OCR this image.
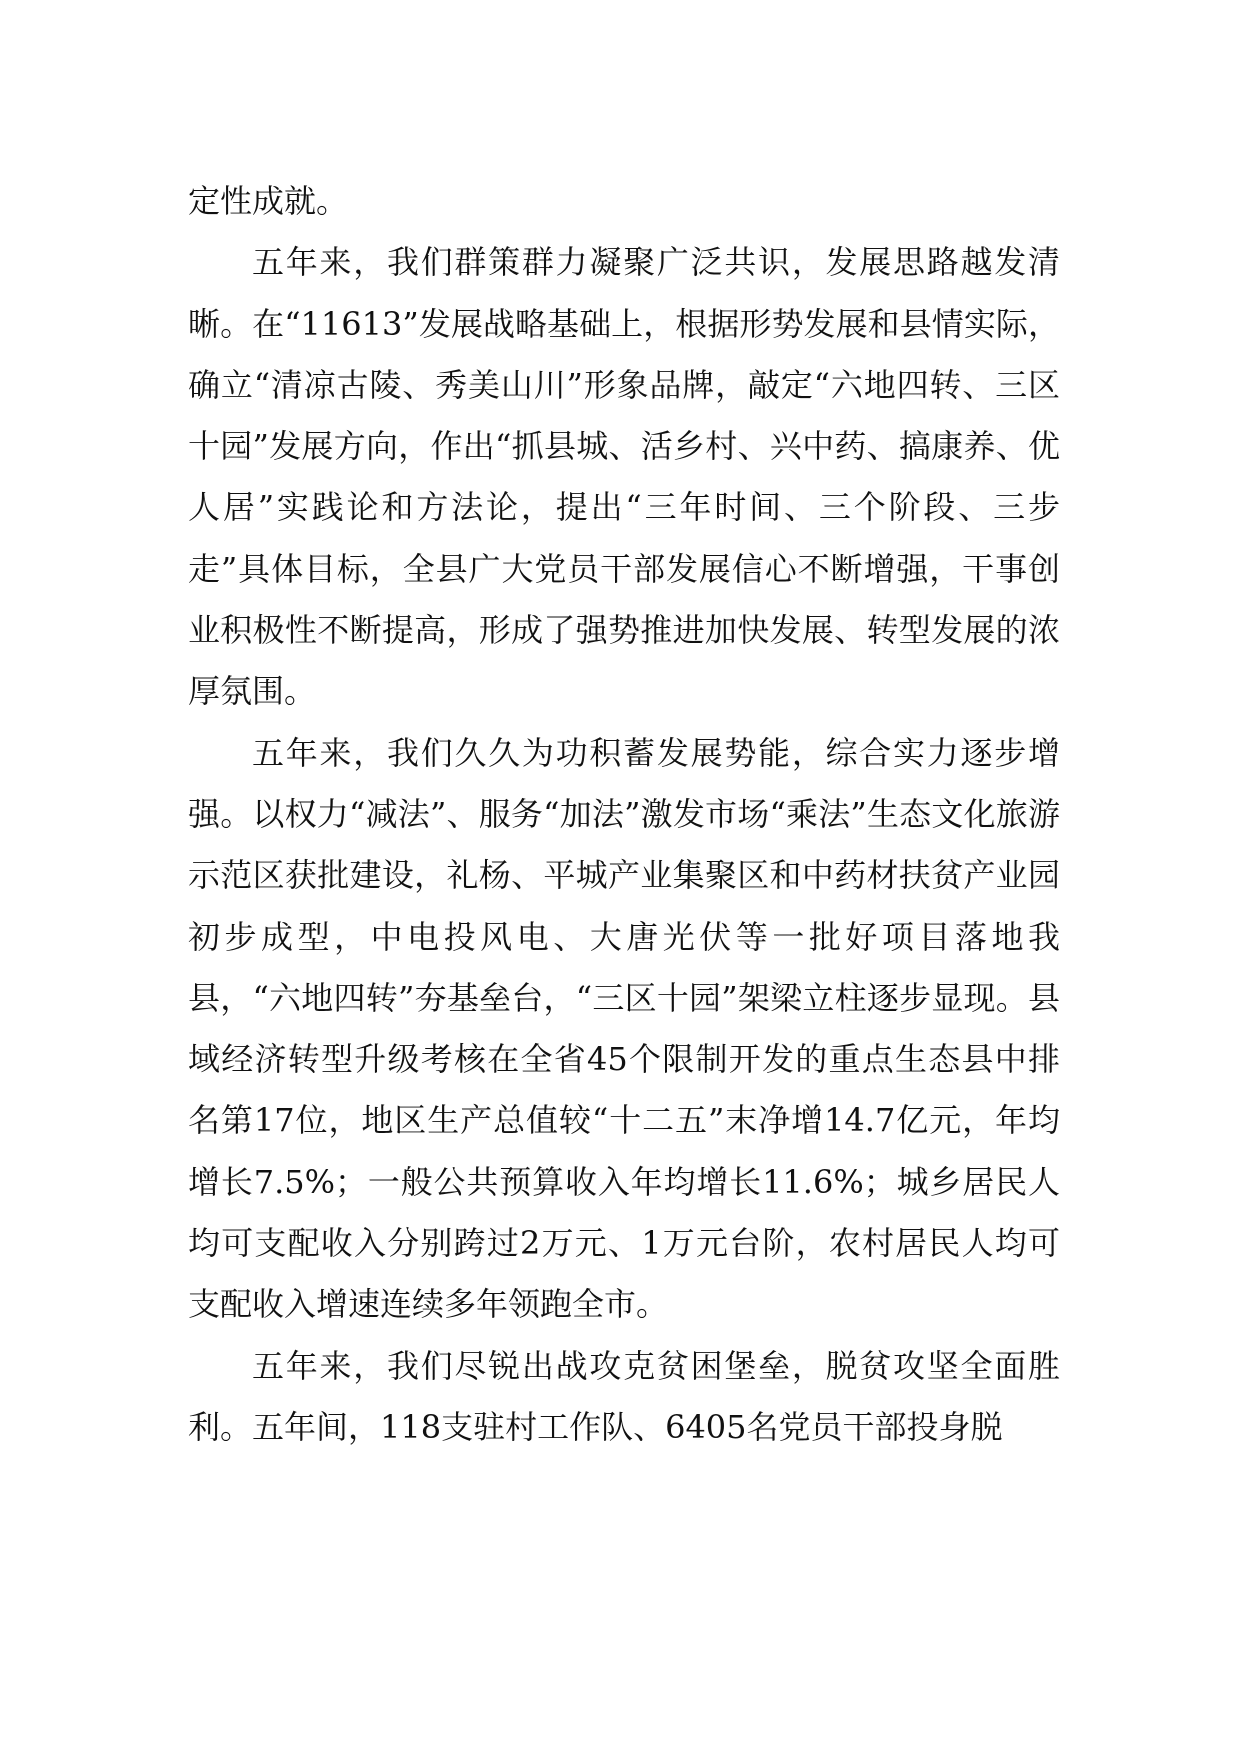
定性成就。

五年来，我们群策群力凝聚广泛共识，发展思路越发清晰。在“11613”发展战略基础上，根据形势发展和县情实际，确立“清凉古陵、秀美山川”形象品牌，敲定“六地四转、三区十园”发展方向，作出“抓县城、活乡村、兴中药、搞康养、优人居”实践论和方法论，提出“三年时间、三个阶段、三步走”具体目标，全县广大党员干部发展信心不断增强，干事创业积极性不断提高，形成了强势推进加快发展、转型发展的浓厚氛围。

五年来，我们久久为功积蓄发展势能，综合实力逐步增强。以权力“减法”、服务“加法”激发市场“乘法”生态文化旅游示范区获批建设，礼杨、平城产业集聚区和中药材扶贫产业园初步成型，中电投风电、大唐光伏等一批好项目落地我县，“六地四转”夯基垒台，“三区十园”架梁立柱逐步显现。县域经济转型升级考核在全省45个限制开发的重点生态县中排名第17位，地区生产总值较“十二五”末净增14.7亿元，年均增长7.5%；一般公共预算收入年均增长11.6%；城乡居民人均可支配收入分别跨过2万元、1万元台阶，农村居民人均可支配收入增速连续多年领跑全市。

五年来，我们尽锐出战攻克贫困堡垒，脱贫攻坚全面胜利。五年间，118支驻村工作队、6405名党员干部投身脱
